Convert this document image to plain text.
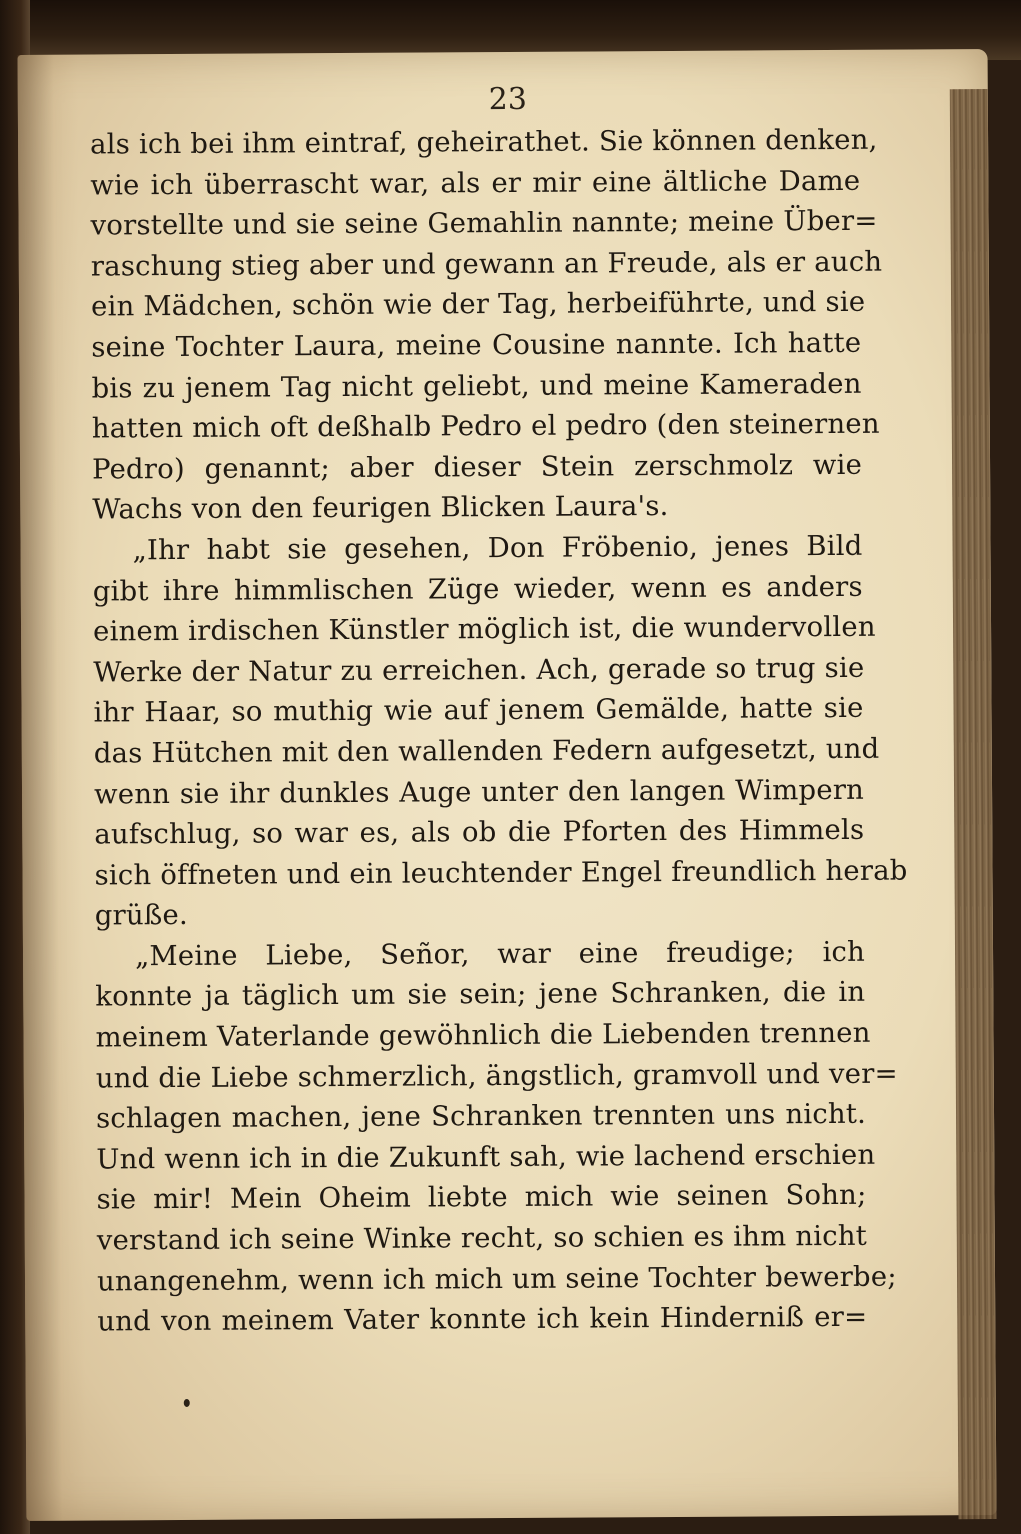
23
als ich bei ihm eintraf, geheirathet. Sie können denken,
wie ich überrascht war, als er mir eine ältliche Dame
vorstellte und sie seine Gemahlin nannte; meine Über=
raschung stieg aber und gewann an Freude, als er auch
ein Mädchen, schön wie der Tag, herbeiführte, und sie
seine Tochter Laura, meine Cousine nannte. Ich hatte
bis zu jenem Tag nicht geliebt, und meine Kameraden
hatten mich oft deßhalb Pedro el pedro (den steinernen
Pedro) genannt; aber dieser Stein zerschmolz wie
Wachs von den feurigen Blicken Laura's.
„Ihr habt sie gesehen, Don Fröbenio, jenes Bild
gibt ihre himmlischen Züge wieder, wenn es anders
einem irdischen Künstler möglich ist, die wundervollen
Werke der Natur zu erreichen. Ach, gerade so trug sie
ihr Haar, so muthig wie auf jenem Gemälde, hatte sie
das Hütchen mit den wallenden Federn aufgesetzt, und
wenn sie ihr dunkles Auge unter den langen Wimpern
aufschlug, so war es, als ob die Pforten des Himmels
sich öffneten und ein leuchtender Engel freundlich herab
grüße.
„Meine Liebe, Señor, war eine freudige; ich
konnte ja täglich um sie sein; jene Schranken, die in
meinem Vaterlande gewöhnlich die Liebenden trennen
und die Liebe schmerzlich, ängstlich, gramvoll und ver=
schlagen machen, jene Schranken trennten uns nicht.
Und wenn ich in die Zukunft sah, wie lachend erschien
sie mir! Mein Oheim liebte mich wie seinen Sohn;
verstand ich seine Winke recht, so schien es ihm nicht
unangenehm, wenn ich mich um seine Tochter bewerbe;
und von meinem Vater konnte ich kein Hinderniß er=
